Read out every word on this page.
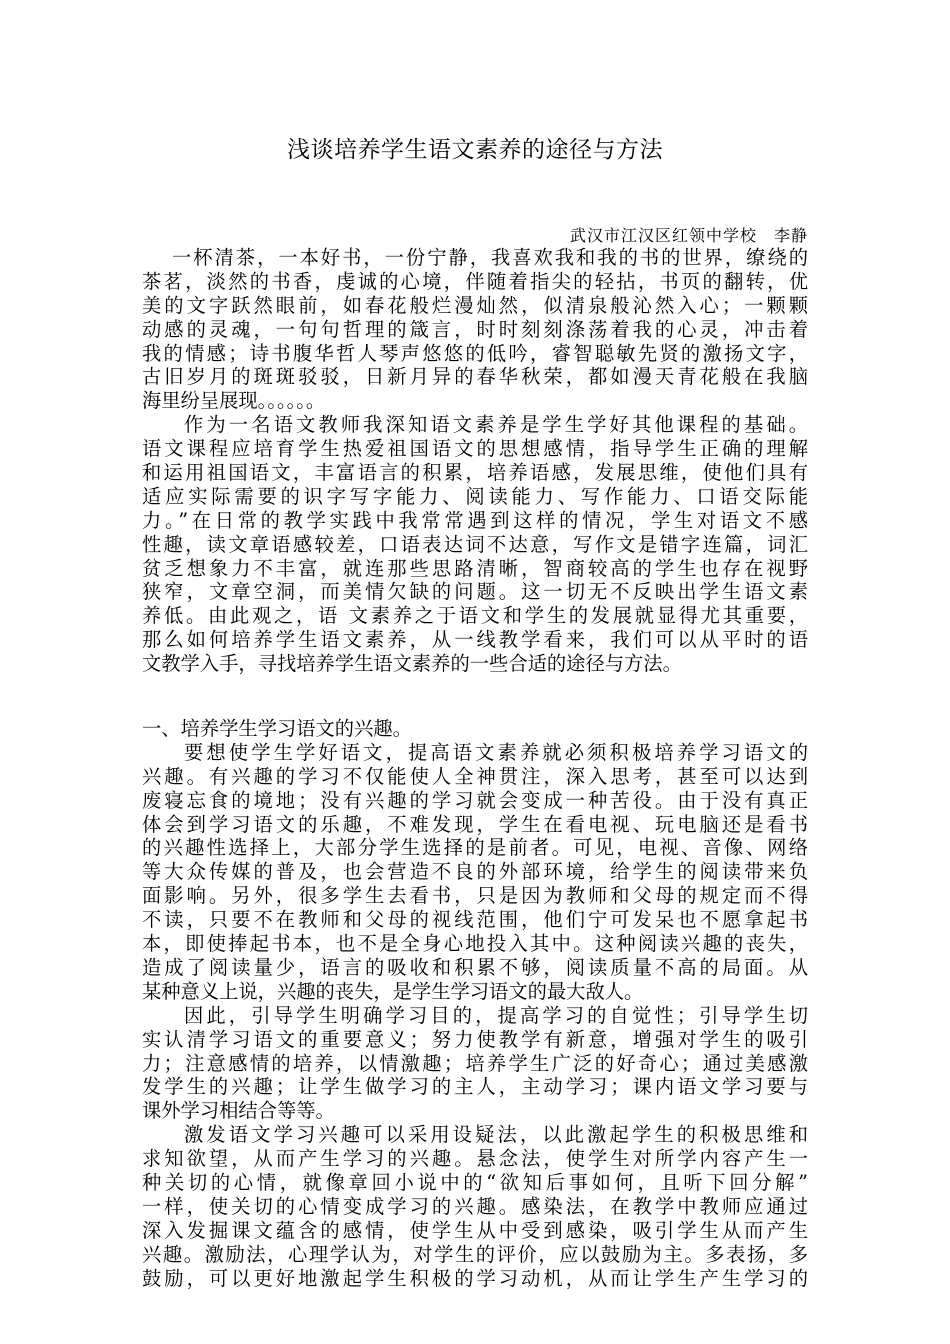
浅谈培养学生语文素养的途径与方法
武汉市江汉区红领中学校　李静
一杯清茶，一本好书，一份宁静，我喜欢我和我的书的世界，缭绕的
茶茗，淡然的书香，虔诚的心境，伴随着指尖的轻拈，书页的翻转，优
美的文字跃然眼前，如春花般烂漫灿然，似清泉般沁然入心；一颗颗
动感的灵魂，一句句哲理的箴言，时时刻刻涤荡着我的心灵，冲击着
我的情感；诗书腹华哲人琴声悠悠的低吟，睿智聪敏先贤的激扬文字，
古旧岁月的斑斑驳驳，日新月异的春华秋荣，都如漫天青花般在我脑
海里纷呈展现。。。。。。
作为一名语文教师我深知语文素养是学生学好其他课程的基础。
语文课程应培育学生热爱祖国语文的思想感情，指导学生正确的理解
和运用祖国语文，丰富语言的积累，培养语感，发展思维，使他们具有
适应实际需要的识字写字能力、阅读能力、写作能力、口语交际能
力。”在日常的教学实践中我常常遇到这样的情况，学生对语文不感
性趣，读文章语感较差，口语表达词不达意，写作文是错字连篇，词汇
贫乏想象力不丰富，就连那些思路清晰，智商较高的学生也存在视野
狭窄，文章空洞，而美情欠缺的问题。这一切无不反映出学生语文素
养低。由此观之，语 文素养之于语文和学生的发展就显得尤其重要，
那么如何培养学生语文素养，从一线教学看来，我们可以从平时的语
文教学入手，寻找培养学生语文素养的一些合适的途径与方法。
一、培养学生学习语文的兴趣。
要想使学生学好语文，提高语文素养就必须积极培养学习语文的
兴趣。有兴趣的学习不仅能使人全神贯注，深入思考，甚至可以达到
废寝忘食的境地；没有兴趣的学习就会变成一种苦役。由于没有真正
体会到学习语文的乐趣，不难发现，学生在看电视、玩电脑还是看书
的兴趣性选择上，大部分学生选择的是前者。可见，电视、音像、网络
等大众传媒的普及，也会营造不良的外部环境，给学生的阅读带来负
面影响。另外，很多学生去看书，只是因为教师和父母的规定而不得
不读，只要不在教师和父母的视线范围，他们宁可发呆也不愿拿起书
本，即使捧起书本，也不是全身心地投入其中。这种阅读兴趣的丧失，
造成了阅读量少，语言的吸收和积累不够，阅读质量不高的局面。从
某种意义上说，兴趣的丧失，是学生学习语文的最大敌人。
因此，引导学生明确学习目的，提高学习的自觉性；引导学生切
实认清学习语文的重要意义；努力使教学有新意，增强对学生的吸引
力；注意感情的培养，以情激趣；培养学生广泛的好奇心；通过美感激
发学生的兴趣；让学生做学习的主人，主动学习；课内语文学习要与
课外学习相结合等等。
激发语文学习兴趣可以采用设疑法，以此激起学生的积极思维和
求知欲望，从而产生学习的兴趣。悬念法，使学生对所学内容产生一
种关切的心情，就像章回小说中的“欲知后事如何，且听下回分解”
一样，使关切的心情变成学习的兴趣。感染法，在教学中教师应通过
深入发掘课文蕴含的感情，使学生从中受到感染，吸引学生从而产生
兴趣。激励法，心理学认为，对学生的评价，应以鼓励为主。多表扬，多
鼓励，可以更好地激起学生积极的学习动机，从而让学生产生学习的
